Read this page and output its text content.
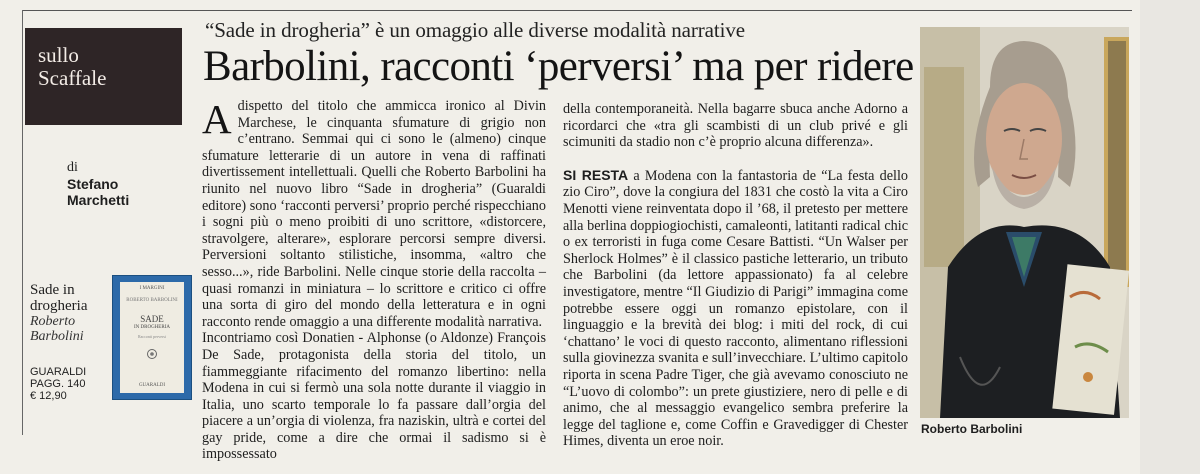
sullo
Scaffale
“Sade in drogheria” è un omaggio alle diverse modalità narrative
Barbolini, racconti ‘perversi’ ma per ridere
di
Stefano Marchetti
Sade in drogheria
Roberto Barbolini
GUARALDI
PAGG. 140
€ 12,90
I MARGINI
ROBERTO BARBOLINI
SADE
IN DROGHERIA
Racconti perversi
GUARALDI

Adispetto del titolo che ammicca ironico al Divin Marchese, le cinquanta sfumature di grigio non c’entrano. Semmai qui ci sono le (almeno) cinque sfumature letterarie di un autore in vena di raffinati divertissement intellettuali. Quelli che Roberto Barbolini ha riunito nel nuovo libro “Sade in drogheria” (Guaraldi editore) sono ‘racconti perversi’ proprio perché rispecchiano i sogni più o meno proibiti di uno scrittore, «distorcere, stravolgere, alterare», esplorare percorsi sempre diversi. Perversioni soltanto stilistiche, insomma, «altro che sesso...», ride Barbolini. Nelle cinque storie della raccolta – quasi romanzi in miniatura – lo scrittore e critico ci offre una sorta di giro del mondo della letteratura e in ogni racconto rende omaggio a una differente modalità narrativa.

Incontriamo così Donatien - Alphonse (o Aldonze) François De Sade, protagonista della storia del titolo, un fiammeggiante rifacimento del romanzo libertino: nella Modena in cui si fermò una sola notte durante il viaggio in Italia, uno scarto temporale lo fa passare dall’orgia del piacere a un’orgia di violenza, fra naziskin, ultrà e cortei del gay pride, come a dire che ormai il sadismo si è impossessato

della contemporaneità. Nella bagarre sbuca anche Adorno a ricordarci che «tra gli scambisti di un club privé e gli scimuniti da stadio non c’è proprio alcuna differenza».

SI RESTA a Modena con la fantastoria de “La festa dello zio Ciro”, dove la congiura del 1831 che costò la vita a Ciro Menotti viene reinventata dopo il ’68, il pretesto per mettere alla berlina doppiogiochisti, camaleonti, latitanti radical chic o ex terroristi in fuga come Cesare Battisti. “Un Walser per Sherlock Holmes” è il classico pastiche letterario, un tributo che Barbolini (da lettore appassionato) fa al celebre investigatore, mentre “Il Giudizio di Parigi” immagina come potrebbe essere oggi un romanzo epistolare, con il linguaggio e la brevità dei blog: i miti del rock, di cui ‘chattano’ le voci di questo racconto, alimentano riflessioni sulla giovinezza svanita e sull’invecchiare. L’ultimo capitolo riporta in scena Padre Tiger, che già avevamo conosciuto ne “L’uovo di colombo”: un prete giustiziere, nero di pelle e di animo, che al messaggio evangelico sembra preferire la legge del taglione e, come Coffin e Gravedigger di Chester Himes, diventa un eroe noir.

Roberto Barbolini
